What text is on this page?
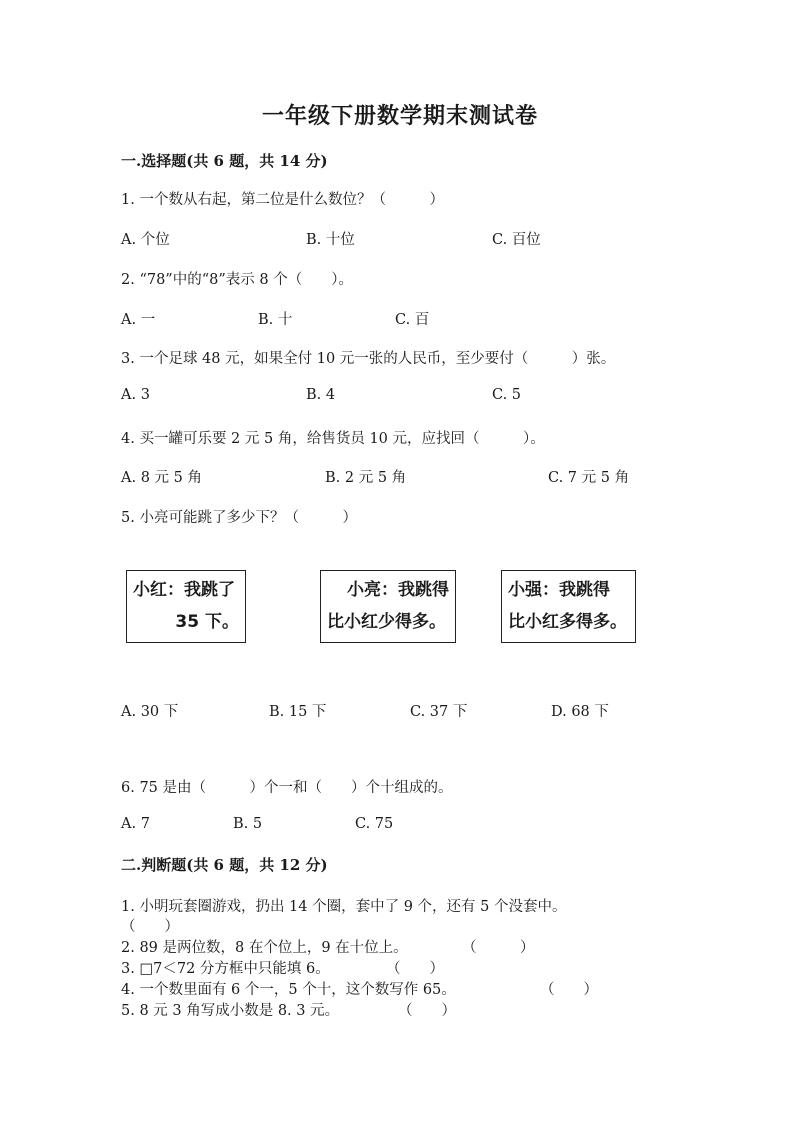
一年级下册数学期末测试卷
一.选择题(共 6 题，共 14 分)
1. 一个数从右起，第二位是什么数位？（　　　）
A. 个位	B. 十位	C. 百位
2. “78”中的“8”表示 8 个（　　）。
A. 一	B. 十	C. 百
3. 一个足球 48 元，如果全付 10 元一张的人民币，至少要付（　　　）张。
A. 3	B. 4	C. 5
4. 买一罐可乐要 2 元 5 角，给售货员 10 元，应找回（　　　）。
A. 8 元 5 角	B. 2 元 5 角	C. 7 元 5 角
5. 小亮可能跳了多少下？（　　　）
小红：我跳了
35 下。
小亮：我跳得
比小红少得多。
小强：我跳得
比小红多得多。
A. 30 下	B. 15 下	C. 37 下	D. 68 下
6. 75 是由（　　　）个一和（　　）个十组成的。
A. 7	B. 5	C. 75
二.判断题(共 6 题，共 12 分)
1. 小明玩套圈游戏，扔出 14 个圈，套中了 9 个，还有 5 个没套中。
（　　）
2. 89 是两位数，8 在个位上，9 在十位上。	（　　　）
3. □7＜72 分方框中只能填 6。	（　　）
4. 一个数里面有 6 个一，5 个十，这个数写作 65。	（　　）
5. 8 元 3 角写成小数是 8. 3 元。	（　　）
